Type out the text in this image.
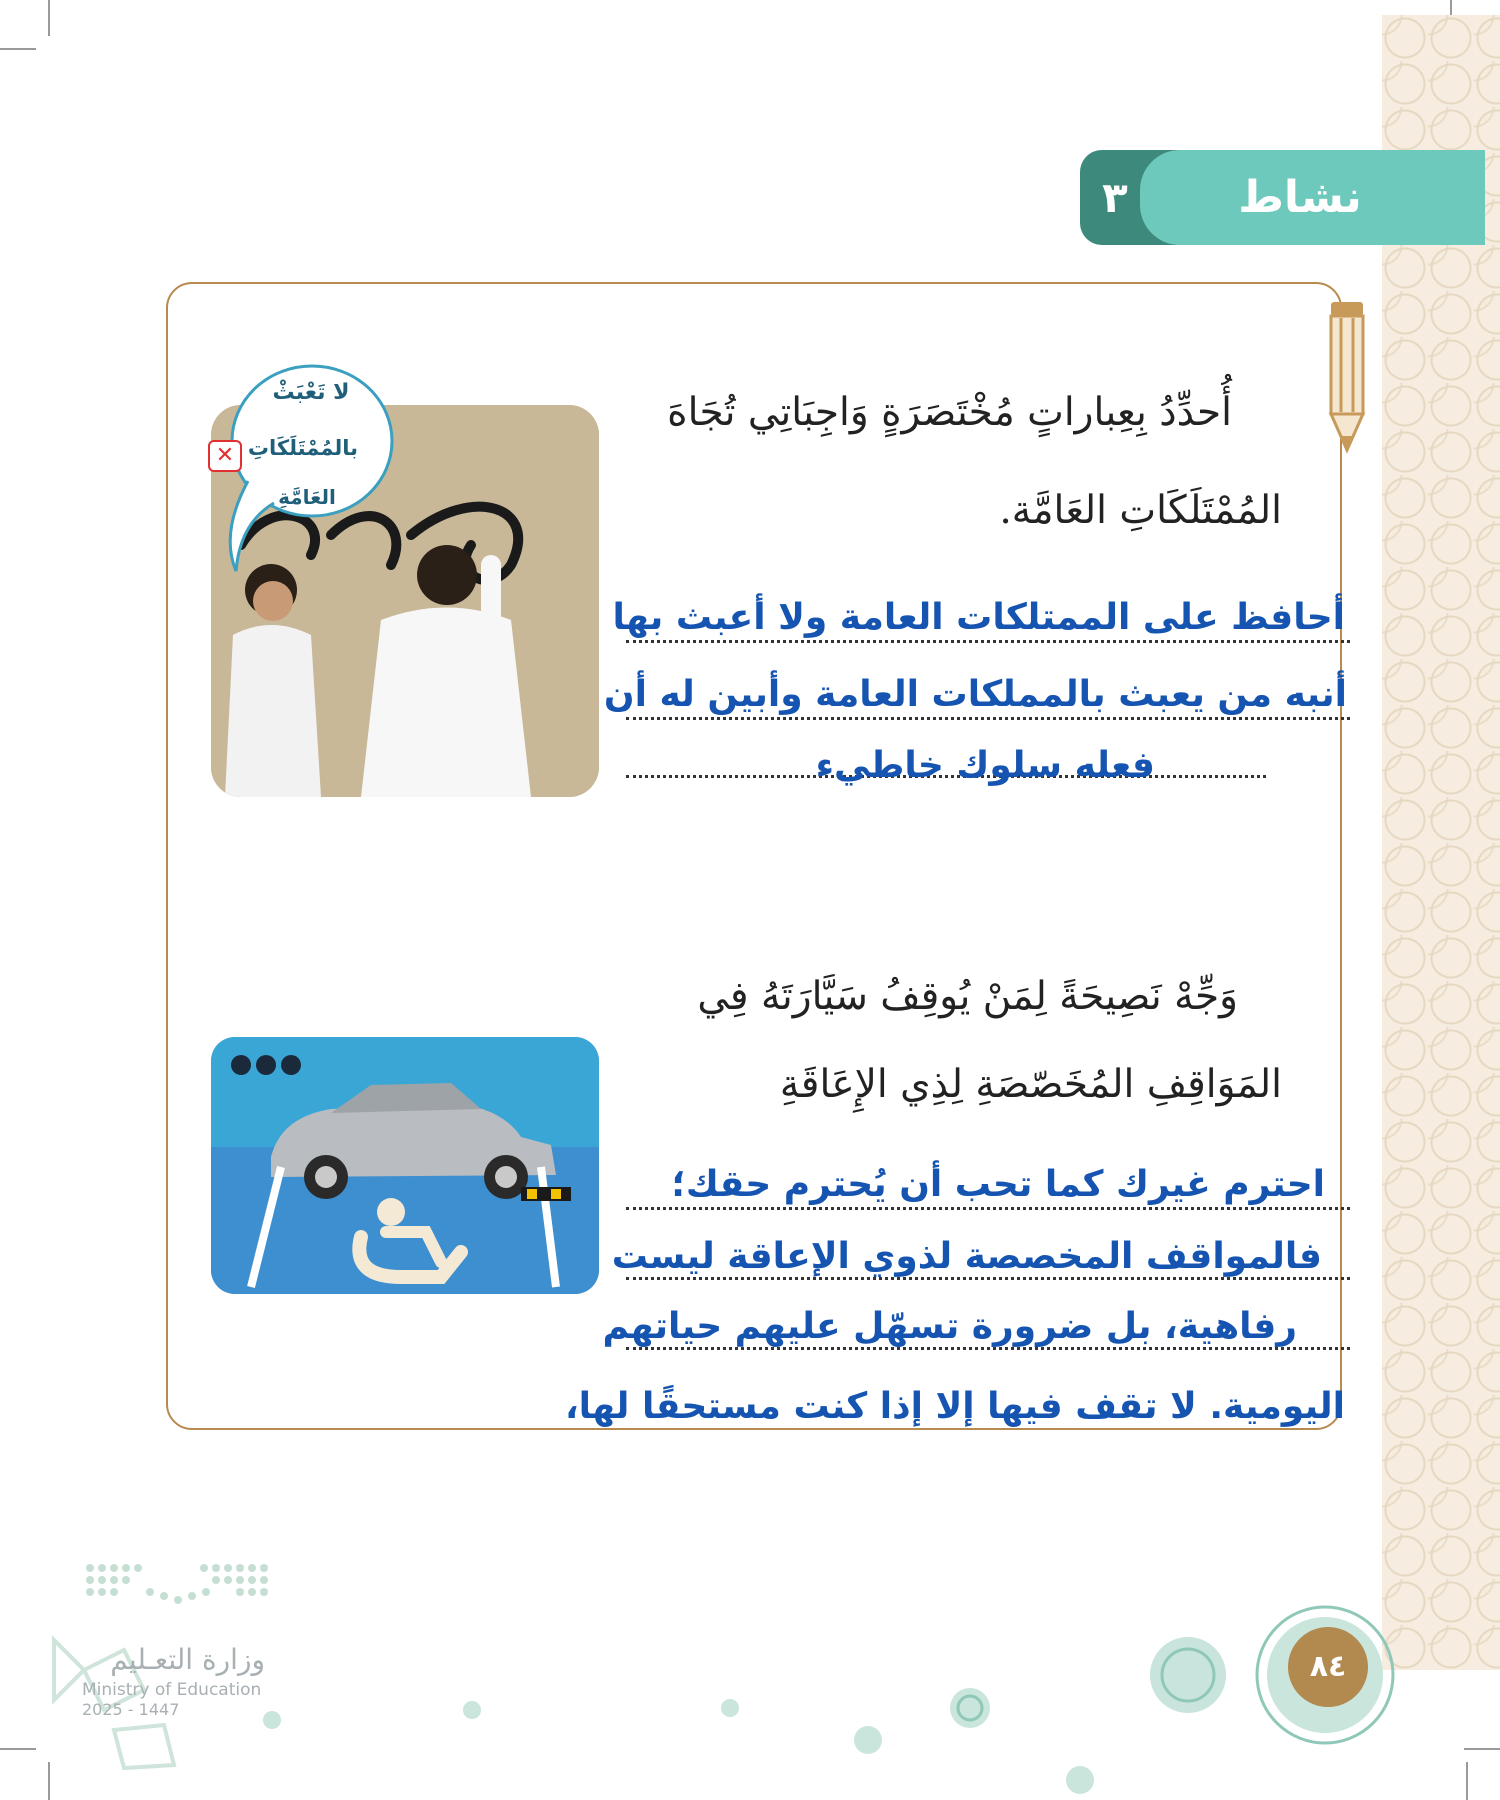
نشاط
٣
لا تَعْبَثْ
بالمُمْتَلَكَاتِ
العَامَّةِ
✕
أُحدِّدُ بِعِباراتٍ مُخْتَصَرَةٍ وَاجِبَاتِي تُجَاهَ
المُمْتَلَكَاتِ العَامَّة.
أحافظ على الممتلكات العامة ولا أعبث بها
أنبه من يعبث بالمملكات العامة وأبين له أن
فعله سلوك خاطيء
وَجِّهْ نَصِيحَةً لِمَنْ يُوقِفُ سَيَّارَتَهُ فِي
المَوَاقِفِ المُخَصّصَةِ لِذِي الإِعَاقَةِ
احترم غيرك كما تحب أن يُحترم حقك؛
فالمواقف المخصصة لذوي الإعاقة ليست
رفاهية، بل ضرورة تسهّل عليهم حياتهم
اليومية. لا تقف فيها إلا إذا كنت مستحقًا لها،
وزارة التعـليم
Ministry of Education
2025 - 1447
٨٤
